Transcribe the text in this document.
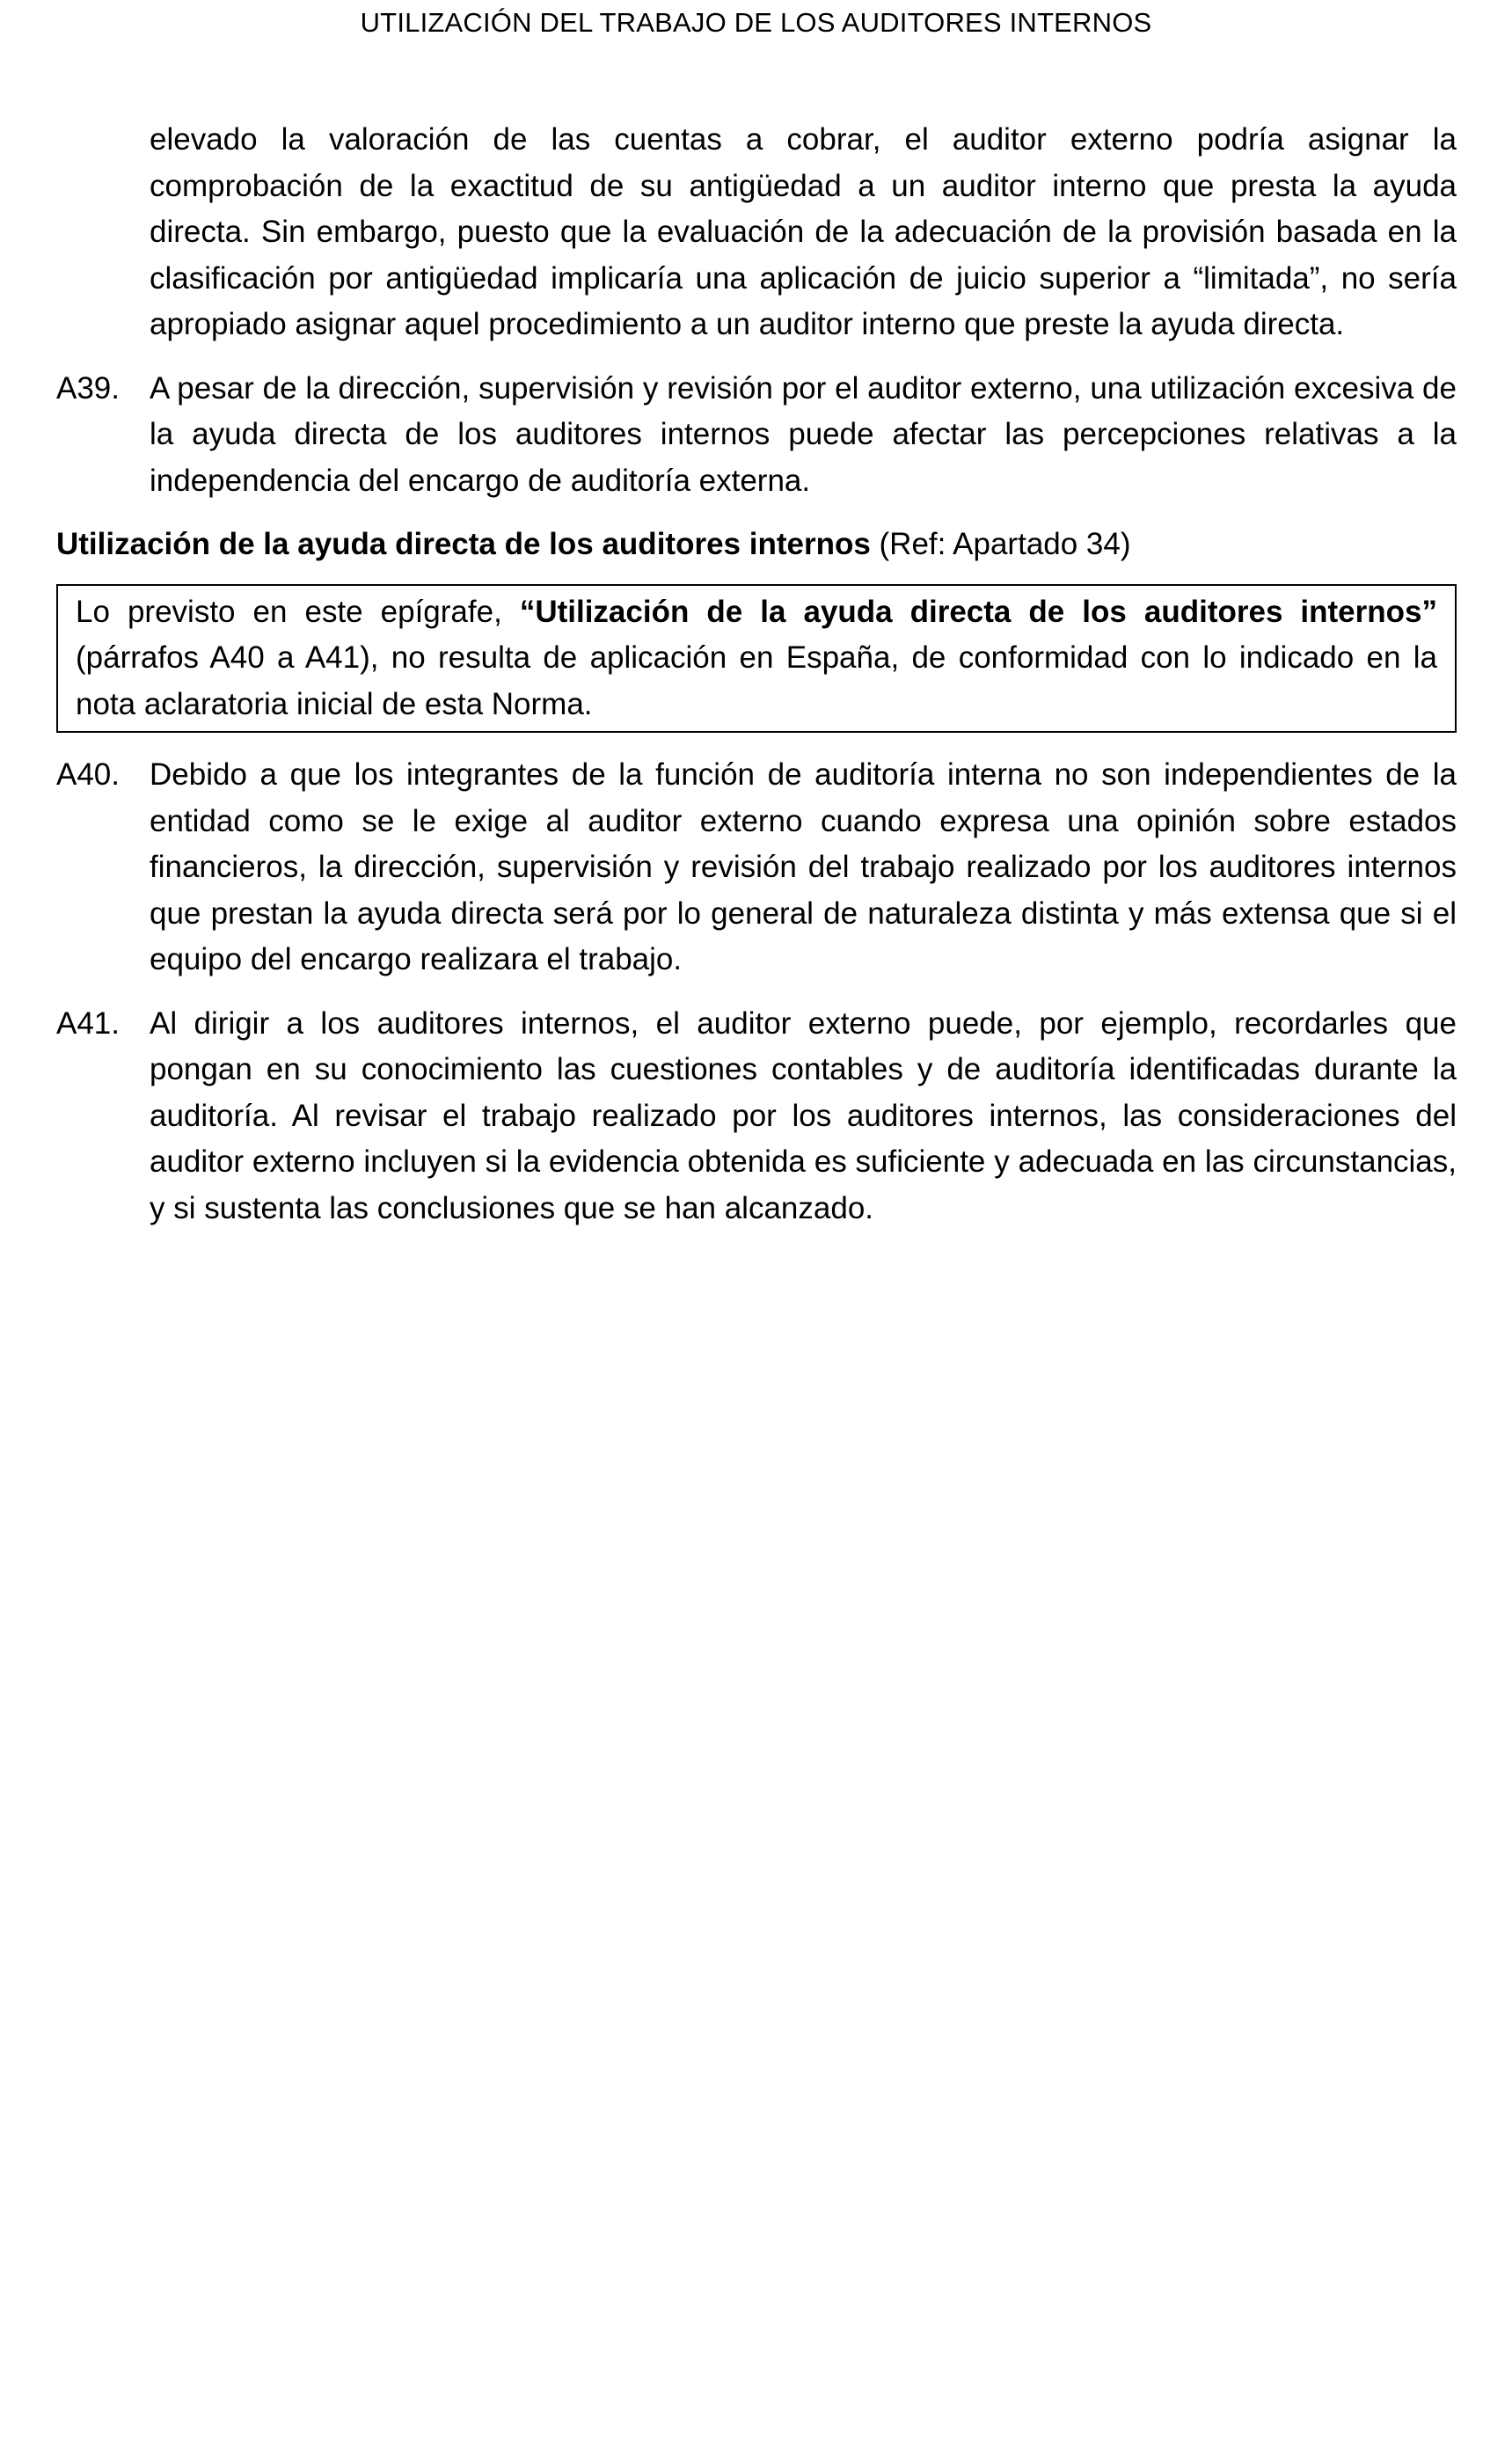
UTILIZACIÓN DEL TRABAJO DE LOS AUDITORES INTERNOS
elevado la valoración de las cuentas a cobrar, el auditor externo podría asignar la comprobación de la exactitud de su antigüedad a un auditor interno que presta la ayuda directa. Sin embargo, puesto que la evaluación de la adecuación de la provisión basada en la clasificación por antigüedad implicaría una aplicación de juicio superior a “limitada”, no sería apropiado asignar aquel procedimiento a un auditor interno que preste la ayuda directa.
A39. A pesar de la dirección, supervisión y revisión por el auditor externo, una utilización excesiva de la ayuda directa de los auditores internos puede afectar las percepciones relativas a la independencia del encargo de auditoría externa.
Utilización de la ayuda directa de los auditores internos (Ref: Apartado 34)
Lo previsto en este epígrafe, “Utilización de la ayuda directa de los auditores internos” (párrafos A40 a A41), no resulta de aplicación en España, de conformidad con lo indicado en la nota aclaratoria inicial de esta Norma.
A40. Debido a que los integrantes de la función de auditoría interna no son independientes de la entidad como se le exige al auditor externo cuando expresa una opinión sobre estados financieros, la dirección, supervisión y revisión del trabajo realizado por los auditores internos que prestan la ayuda directa será por lo general de naturaleza distinta y más extensa que si el equipo del encargo realizara el trabajo.
A41. Al dirigir a los auditores internos, el auditor externo puede, por ejemplo, recordarles que pongan en su conocimiento las cuestiones contables y de auditoría identificadas durante la auditoría. Al revisar el trabajo realizado por los auditores internos, las consideraciones del auditor externo incluyen si la evidencia obtenida es suficiente y adecuada en las circunstancias, y si sustenta las conclusiones que se han alcanzado.
